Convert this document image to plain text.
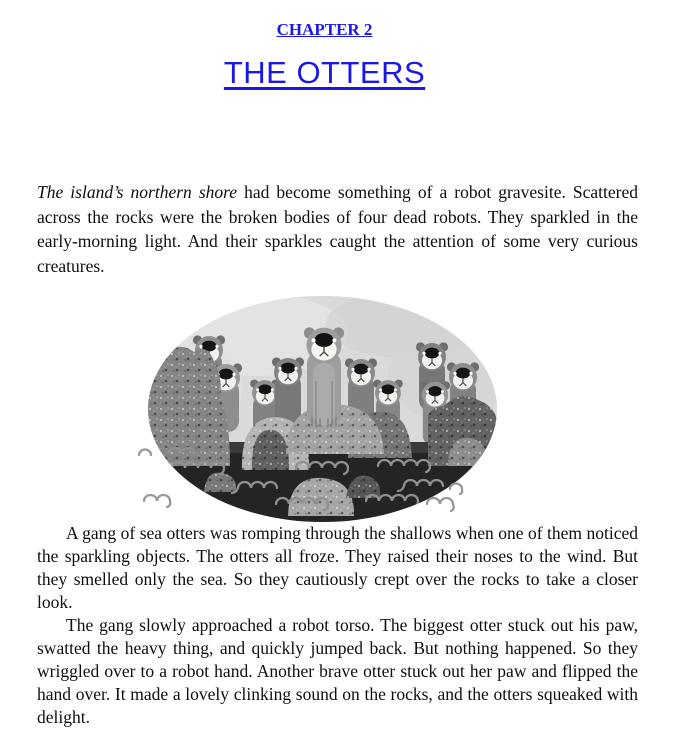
CHAPTER 2
THE OTTERS

The island’s northern shore had become something of a robot gravesite. Scattered across the rocks were the broken bodies of four dead robots. They sparkled in the early-morning light. And their sparkles caught the attention of some very curious creatures.

A gang of sea otters was romping through the shallows when one of them noticed the sparkling objects. The otters all froze. They raised their noses to the wind. But they smelled only the sea. So they cautiously crept over the rocks to take a closer look.

The gang slowly approached a robot torso. The biggest otter stuck out his paw, swatted the heavy thing, and quickly jumped back. But nothing happened. So they wriggled over to a robot hand. Another brave otter stuck out her paw and flipped the hand over. It made a lovely clinking sound on the rocks, and the otters squeaked with delight.
